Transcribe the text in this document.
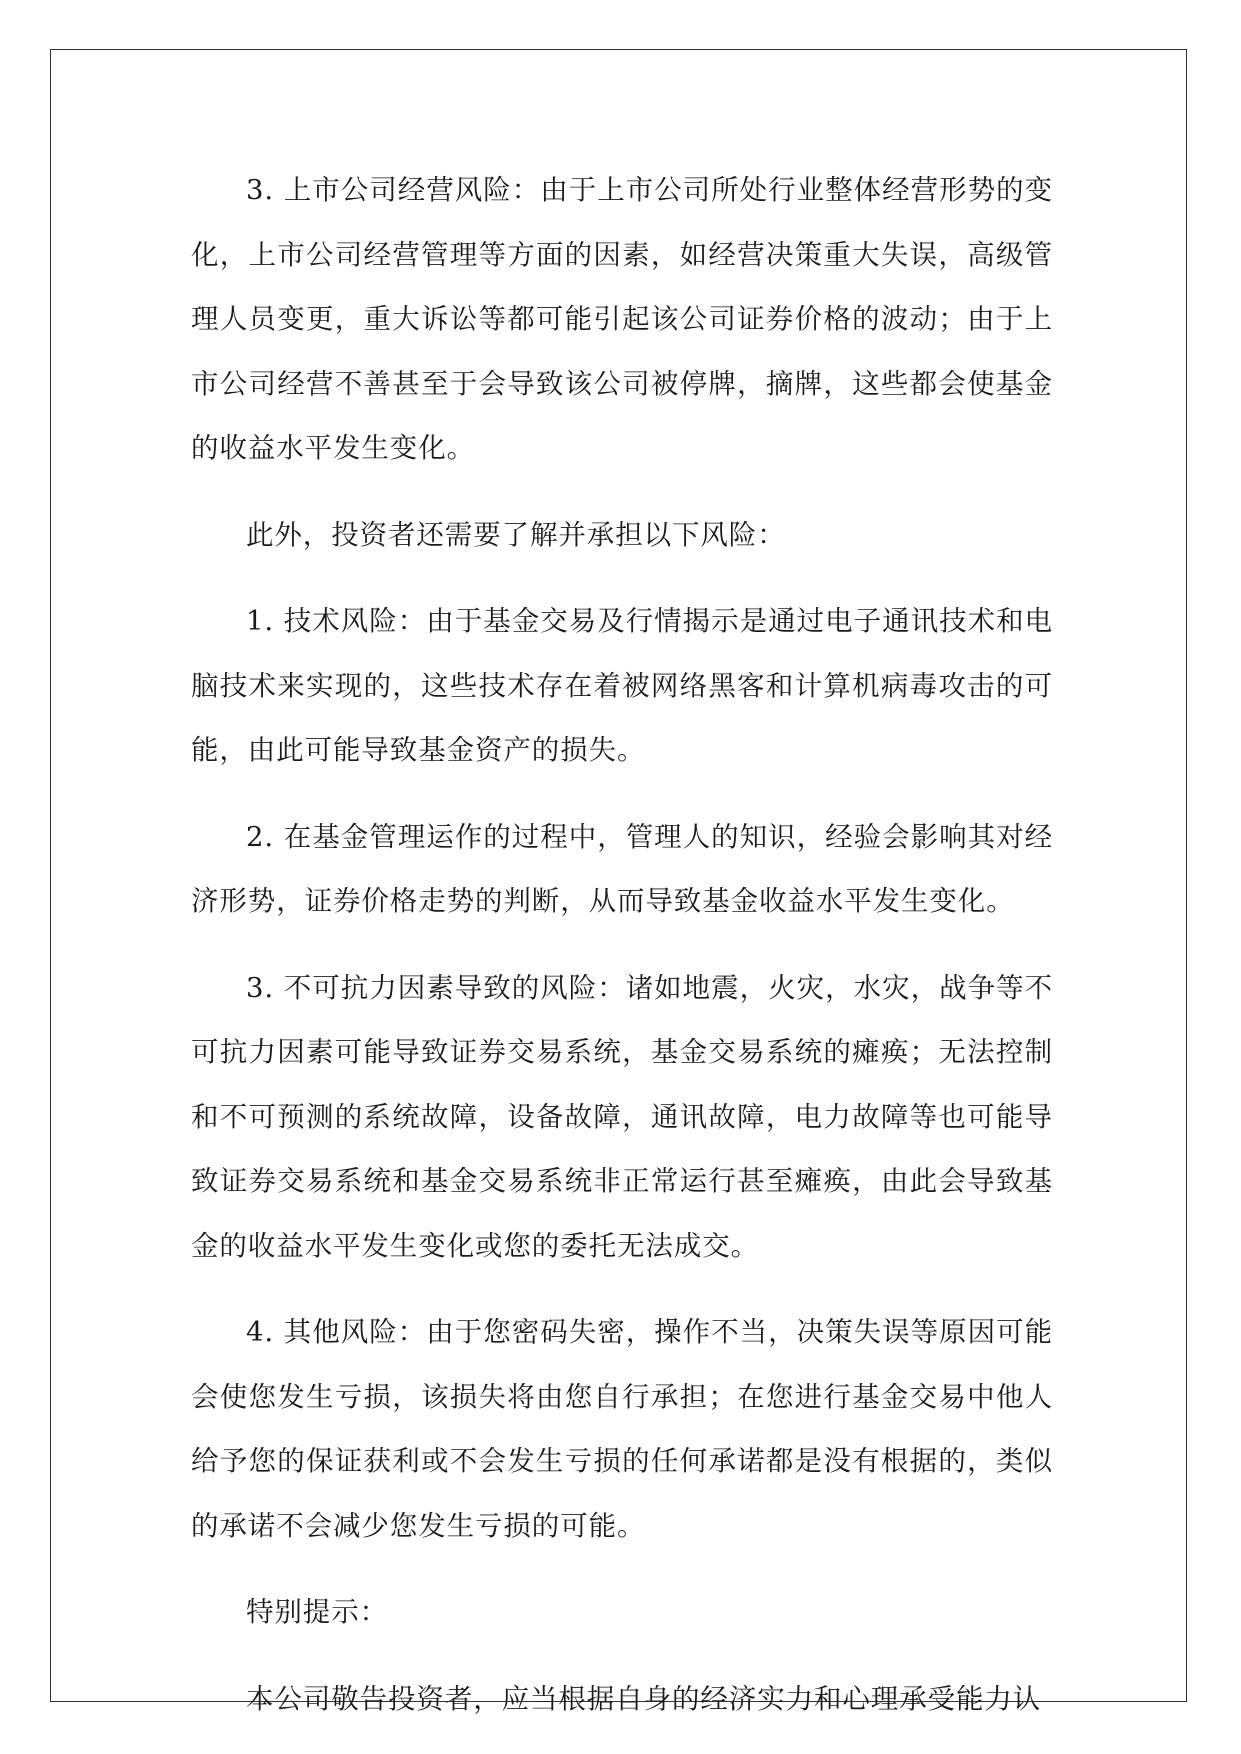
3. 上市公司经营风险：由于上市公司所处行业整体经营形势的变化，上市公司经营管理等方面的因素，如经营决策重大失误，高级管理人员变更，重大诉讼等都可能引起该公司证券价格的波动；由于上市公司经营不善甚至于会导致该公司被停牌，摘牌，这些都会使基金的收益水平发生变化。

此外，投资者还需要了解并承担以下风险：

1. 技术风险：由于基金交易及行情揭示是通过电子通讯技术和电脑技术来实现的，这些技术存在着被网络黑客和计算机病毒攻击的可能，由此可能导致基金资产的损失。

2. 在基金管理运作的过程中，管理人的知识，经验会影响其对经济形势，证券价格走势的判断，从而导致基金收益水平发生变化。

3. 不可抗力因素导致的风险：诸如地震，火灾，水灾，战争等不可抗力因素可能导致证券交易系统，基金交易系统的瘫痪；无法控制和不可预测的系统故障，设备故障，通讯故障，电力故障等也可能导致证券交易系统和基金交易系统非正常运行甚至瘫痪，由此会导致基金的收益水平发生变化或您的委托无法成交。

4. 其他风险：由于您密码失密，操作不当，决策失误等原因可能会使您发生亏损，该损失将由您自行承担；在您进行基金交易中他人给予您的保证获利或不会发生亏损的任何承诺都是没有根据的，类似的承诺不会减少您发生亏损的可能。

特别提示：

本公司敬告投资者，应当根据自身的经济实力和心理承受能力认
